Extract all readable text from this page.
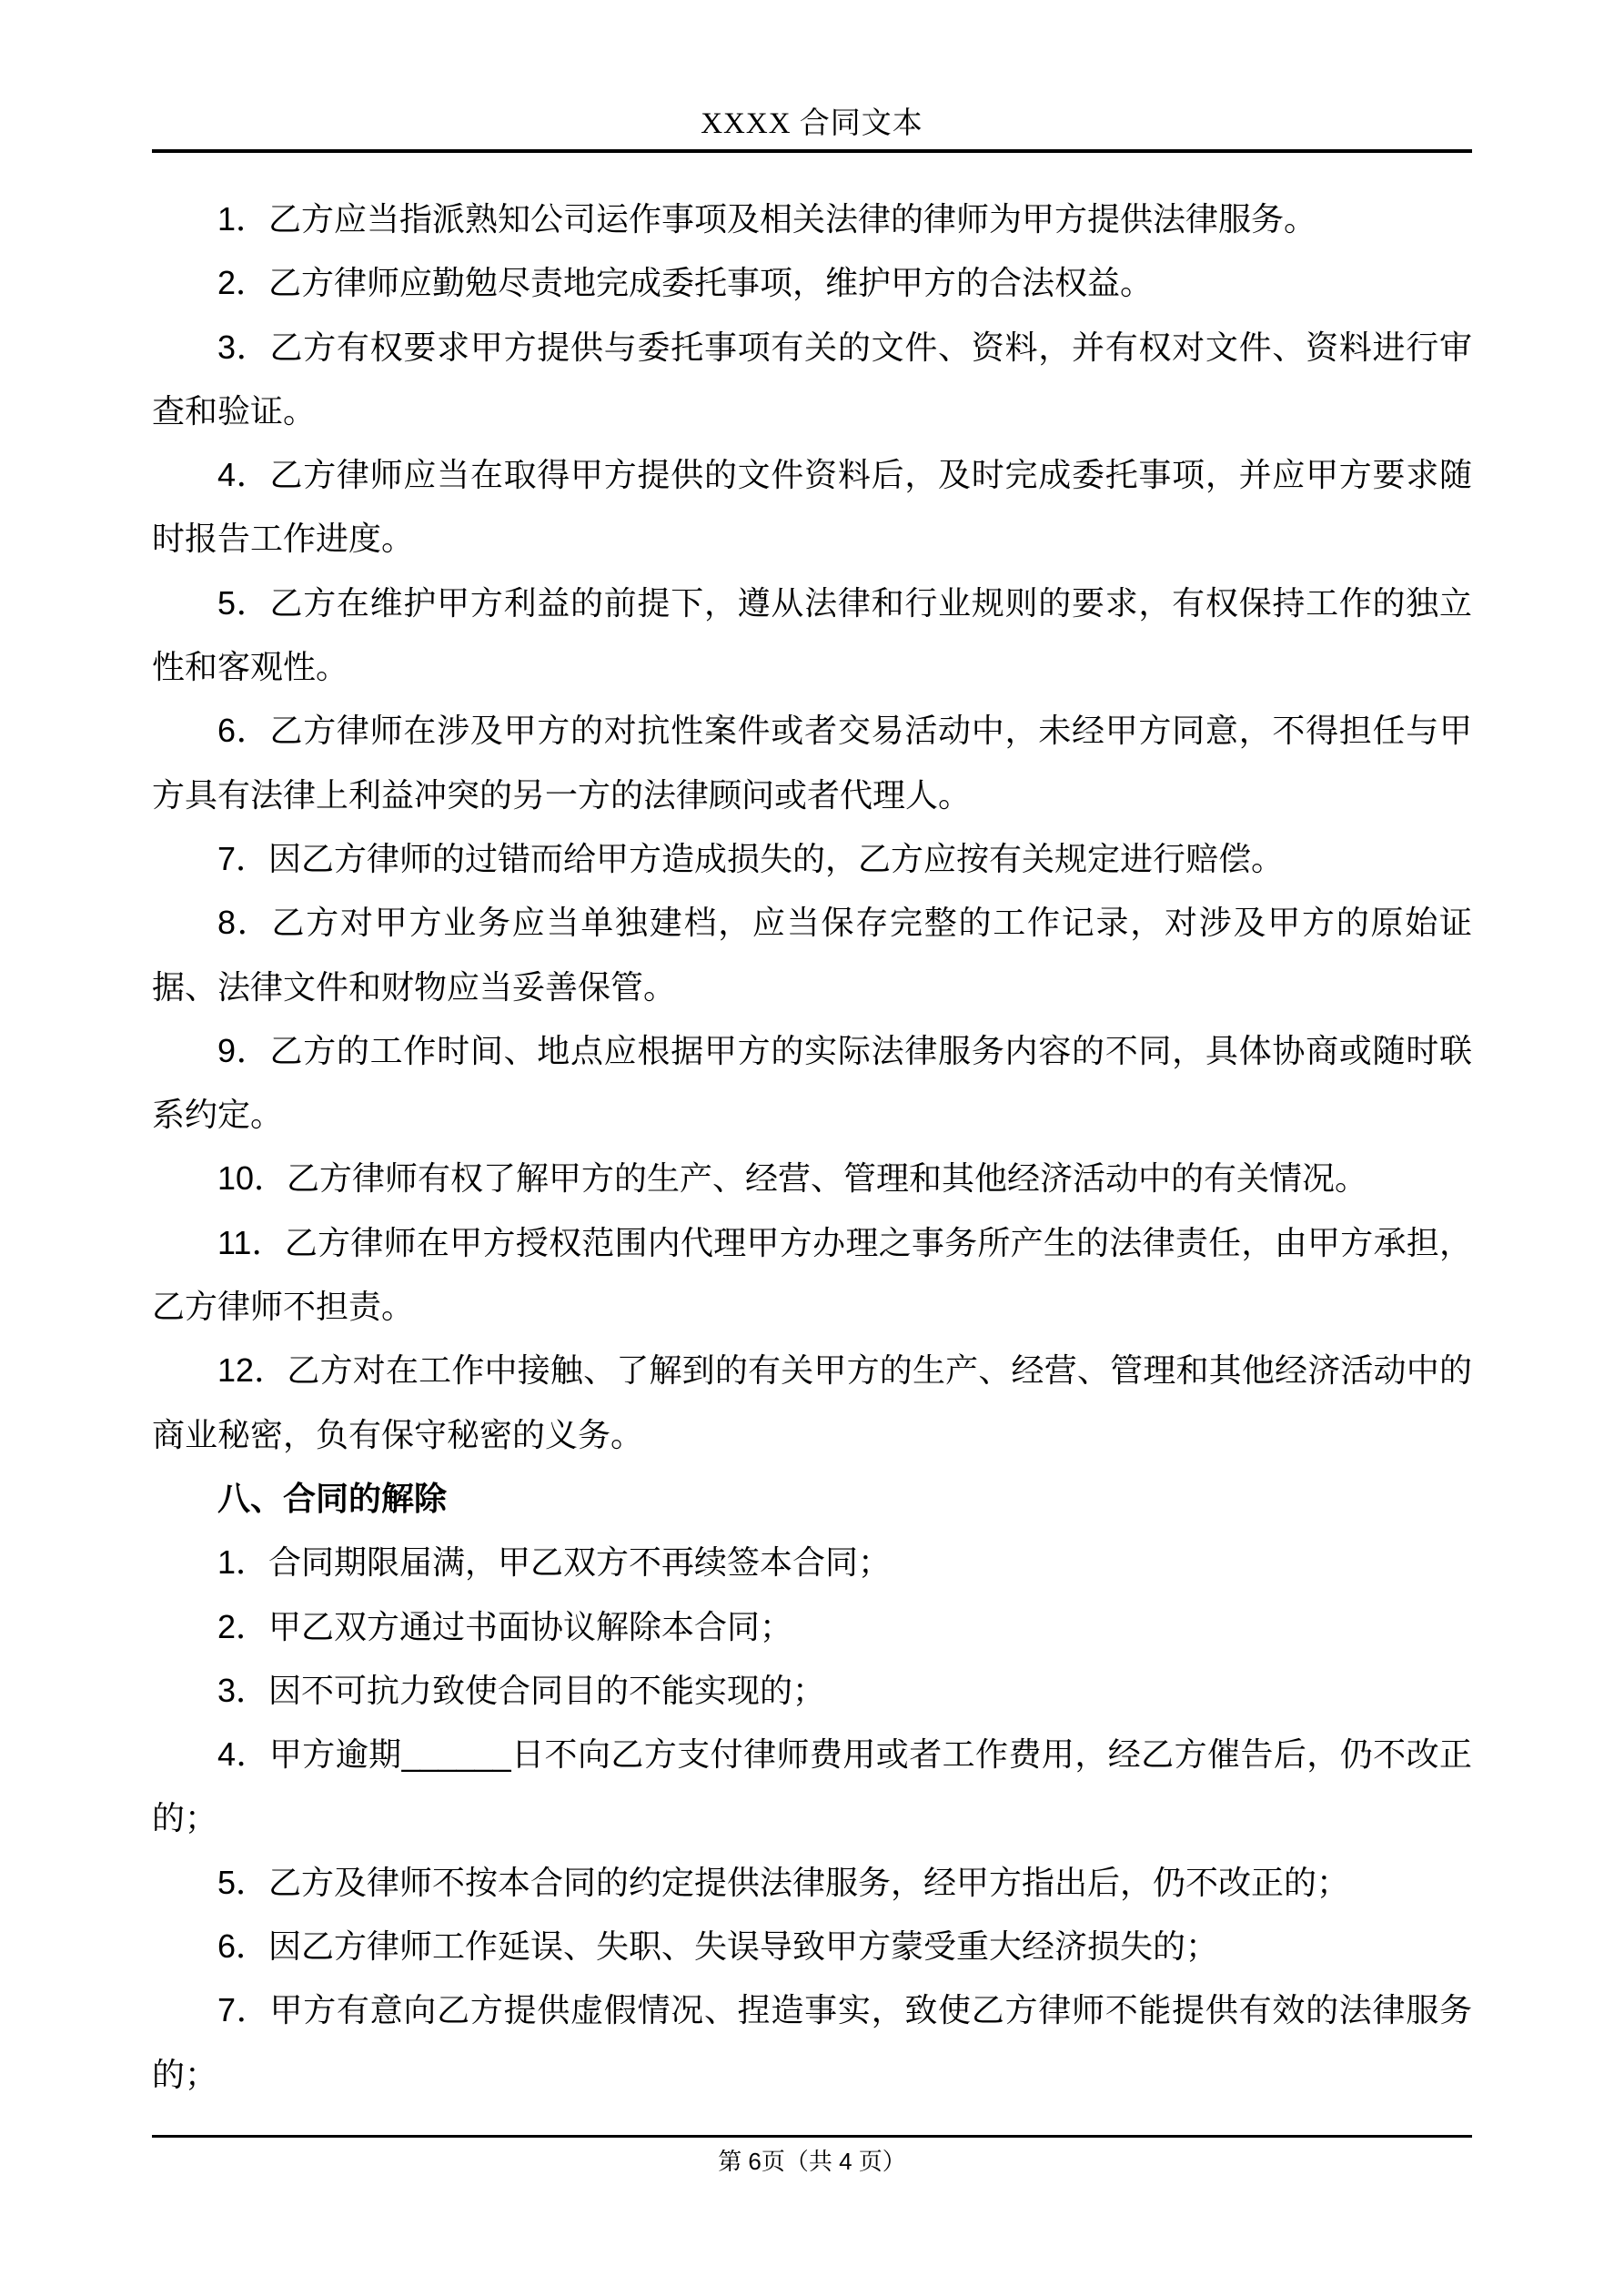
XXXX 合同文本

1．乙方应当指派熟知公司运作事项及相关法律的律师为甲方提供法律服务。

2．乙方律师应勤勉尽责地完成委托事项，维护甲方的合法权益。

3．乙方有权要求甲方提供与委托事项有关的文件、资料，并有权对文件、资料进行审查和验证。

4．乙方律师应当在取得甲方提供的文件资料后，及时完成委托事项，并应甲方要求随时报告工作进度。

5．乙方在维护甲方利益的前提下，遵从法律和行业规则的要求，有权保持工作的独立性和客观性。

6．乙方律师在涉及甲方的对抗性案件或者交易活动中，未经甲方同意，不得担任与甲方具有法律上利益冲突的另一方的法律顾问或者代理人。

7．因乙方律师的过错而给甲方造成损失的，乙方应按有关规定进行赔偿。

8．乙方对甲方业务应当单独建档，应当保存完整的工作记录，对涉及甲方的原始证据、法律文件和财物应当妥善保管。

9．乙方的工作时间、地点应根据甲方的实际法律服务内容的不同，具体协商或随时联系约定。

10．乙方律师有权了解甲方的生产、经营、管理和其他经济活动中的有关情况。

11．乙方律师在甲方授权范围内代理甲方办理之事务所产生的法律责任，由甲方承担，乙方律师不担责。

12．乙方对在工作中接触、了解到的有关甲方的生产、经营、管理和其他经济活动中的商业秘密，负有保守秘密的义务。

八、合同的解除

1．合同期限届满，甲乙双方不再续签本合同；

2．甲乙双方通过书面协议解除本合同；

3．因不可抗力致使合同目的不能实现的；

4．甲方逾期______日不向乙方支付律师费用或者工作费用，经乙方催告后，仍不改正的；

5．乙方及律师不按本合同的约定提供法律服务，经甲方指出后，仍不改正的；

6．因乙方律师工作延误、失职、失误导致甲方蒙受重大经济损失的；

7．甲方有意向乙方提供虚假情况、捏造事实，致使乙方律师不能提供有效的法律服务的；

第 6页（共 4 页）
